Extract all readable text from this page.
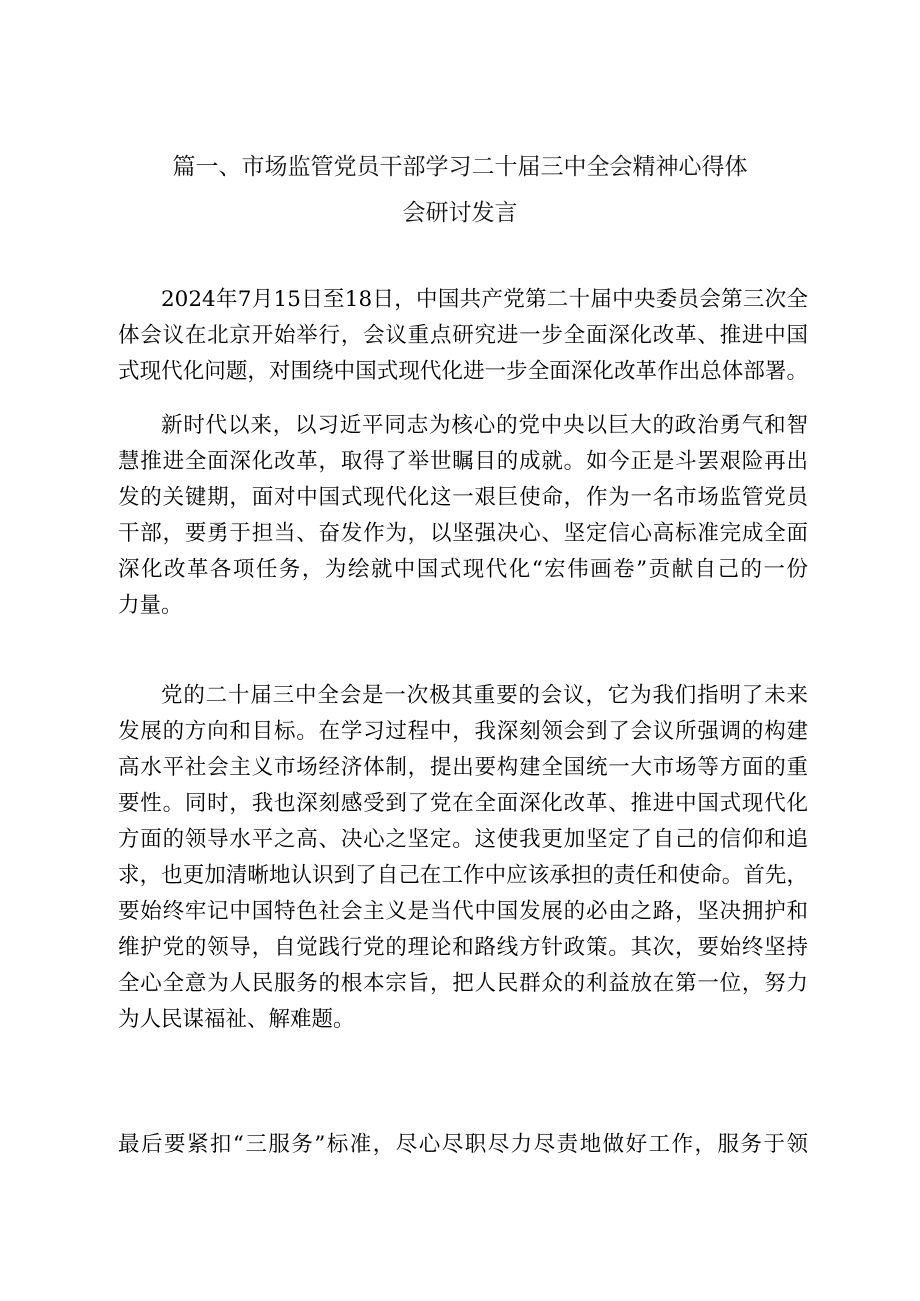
篇一、市场监管党员干部学习二十届三中全会精神心得体
会研讨发言
2024年7月15日至18日，中国共产党第二十届中央委员会第三次全
体会议在北京开始举行，会议重点研究进一步全面深化改革、推进中国
式现代化问题，对围绕中国式现代化进一步全面深化改革作出总体部署。
新时代以来，以习近平同志为核心的党中央以巨大的政治勇气和智
慧推进全面深化改革，取得了举世瞩目的成就。如今正是斗罢艰险再出
发的关键期，面对中国式现代化这一艰巨使命，作为一名市场监管党员
干部，要勇于担当、奋发作为，以坚强决心、坚定信心高标准完成全面
深化改革各项任务，为绘就中国式现代化“宏伟画卷”贡献自己的一份
力量。
党的二十届三中全会是一次极其重要的会议，它为我们指明了未来
发展的方向和目标。在学习过程中，我深刻领会到了会议所强调的构建
高水平社会主义市场经济体制，提出要构建全国统一大市场等方面的重
要性。同时，我也深刻感受到了党在全面深化改革、推进中国式现代化
方面的领导水平之高、决心之坚定。这使我更加坚定了自己的信仰和追
求，也更加清晰地认识到了自己在工作中应该承担的责任和使命。首先，
要始终牢记中国特色社会主义是当代中国发展的必由之路，坚决拥护和
维护党的领导，自觉践行党的理论和路线方针政策。其次，要始终坚持
全心全意为人民服务的根本宗旨，把人民群众的利益放在第一位，努力
为人民谋福祉、解难题。
最后要紧扣“三服务”标准，尽心尽职尽力尽责地做好工作，服务于领
